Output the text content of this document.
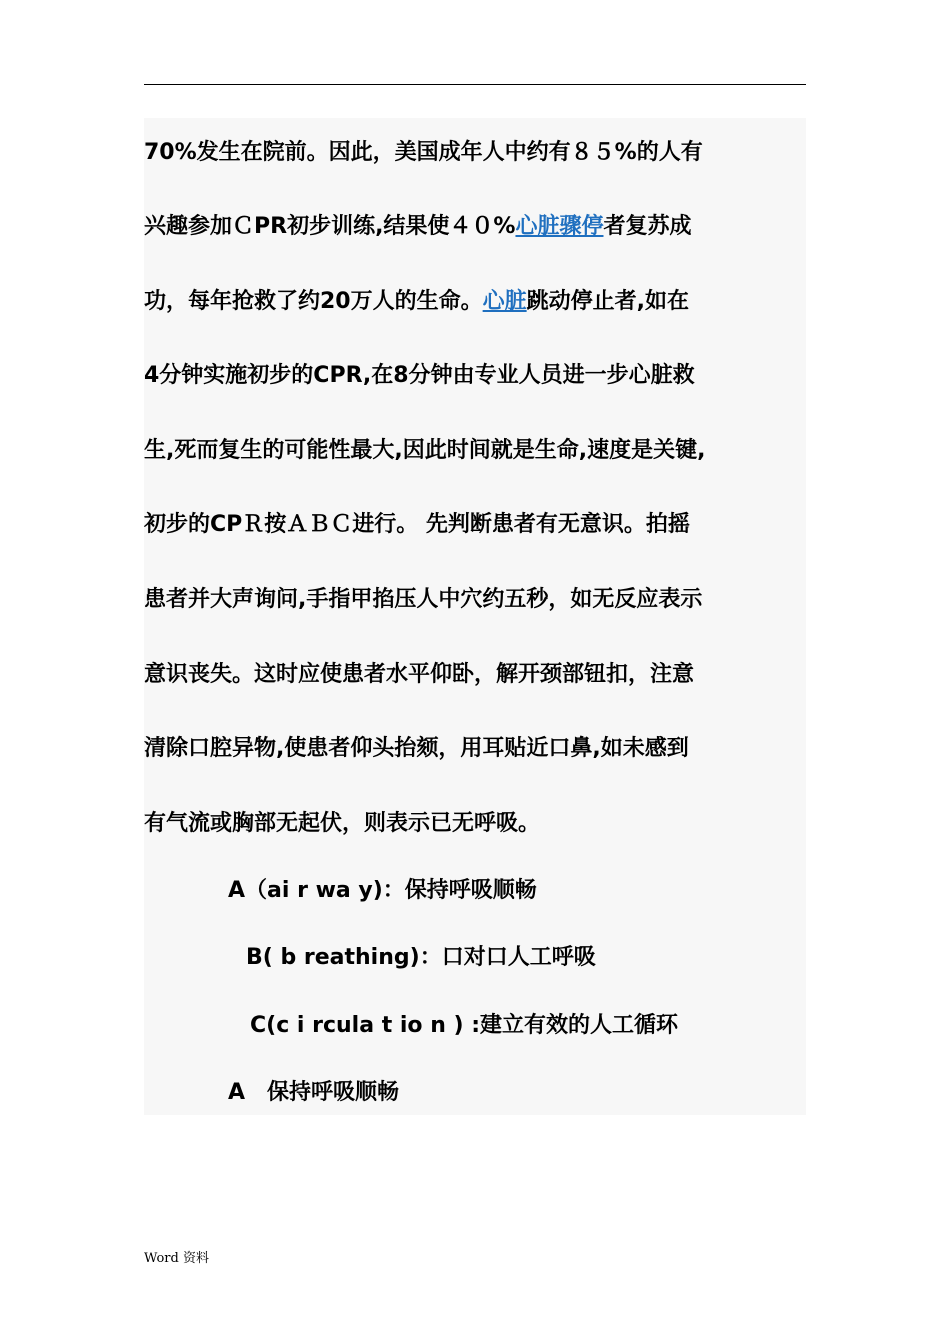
70%发生在院前。因此，美国成年人中约有８５%的人有
兴趣参加ＣPR初步训练,结果使４０%心脏骤停者复苏成
功，每年抢救了约20万人的生命。心脏跳动停止者,如在
4分钟实施初步的CPR,在8分钟由专业人员进一步心脏救
生,死而复生的可能性最大,因此时间就是生命,速度是关键,
初步的CPＲ按ＡＢＣ进行。 先判断患者有无意识。拍摇
患者并大声询问,手指甲掐压人中穴约五秒，如无反应表示
意识丧失。这时应使患者水平仰卧，解开颈部钮扣，注意
清除口腔异物,使患者仰头抬颏，用耳贴近口鼻,如未感到
有气流或胸部无起伏，则表示已无呼吸。
A（ai r wa y)：保持呼吸顺畅
B( b reathing)：口对口人工呼吸
C(c i rcula t io n ) :建立有效的人工循环
A　保持呼吸顺畅
Word 资料
